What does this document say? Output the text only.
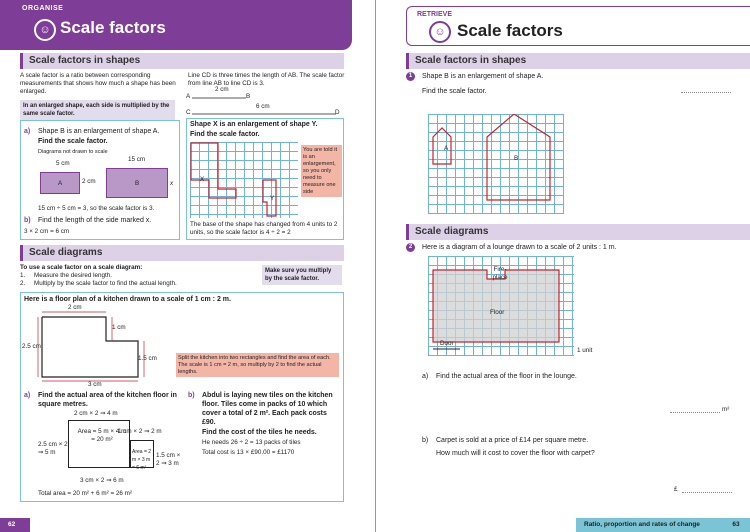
ORGANISE
☺ Scale factors
Scale factors in shapes
A scale factor is a ratio between corresponding measurements that shows how much a shape has been enlarged.
In an enlarged shape, each side is multiplied by the same scale factor.
Line CD is three times the length of AB. The scale factor from line AB to line CD is 3.
A	B
2 cm
C	D
6 cm
a) Shape B is an enlargement of shape A.
Find the scale factor.
Diagrams not drawn to scale
5 cm
2 cm
15 cm
A	B	x
15 cm ÷ 5 cm = 3, so the scale factor is 3.
b) Find the length of the side marked x.
3 × 2 cm = 6 cm
Shape X is an enlargement of shape Y.
Find the scale factor.
X
Y
You are told it is an enlargement, so you only need to measure one side
The base of the shape has changed from 4 units to 2 units, so the scale factor is 4 ÷ 2 = 2
Scale diagrams
To use a scale factor on a scale diagram:
1. Measure the desired length.
2. Multiply by the scale factor to find the actual length.
Make sure you multiply by the scale factor.
Here is a floor plan of a kitchen drawn to a scale of 1 cm : 2 m.
2 cm
1 cm
2.5 cm
1.5 cm
3 cm
Split the kitchen into two rectangles and find the area of each. The scale is 1 cm = 2 m, so multiply by 2 to find the actual lengths.
a) Find the actual area of the kitchen floor in square metres.
2 cm × 2 ⇒ 4 m
Area = 5 m × 4 m = 20 m²
1 cm × 2 ⇒ 2 m
2.5 cm × 2 ⇒ 5 m	Area = 2 m × 3 m = 6 m²
1.5 cm × 2 ⇒ 3 m
3 cm × 2 ⇒ 6 m
Total area = 20 m² + 6 m² = 26 m²
b) Abdul is laying new tiles on the kitchen floor. Tiles come in packs of 10 which cover a total of 2 m². Each pack costs £90.
Find the cost of the tiles he needs.
He needs 26 ÷ 2 = 13 packs of tiles
Total cost is 13 × £90.00 = £1170
62
RETRIEVE
☺ Scale factors
Scale factors in shapes
1	Shape B is an enlargement of shape A.
Find the scale factor.
A
B
Scale diagrams
2	Here is a diagram of a lounge drawn to a scale of 2 units : 1 m.
Fire-place
Floor
Door
1 unit
a) Find the actual area of the floor in the lounge.
m²
b) Carpet is sold at a price of £14 per square metre.
How much will it cost to cover the floor with carpet?
£
Ratio, proportion and rates of change	63
